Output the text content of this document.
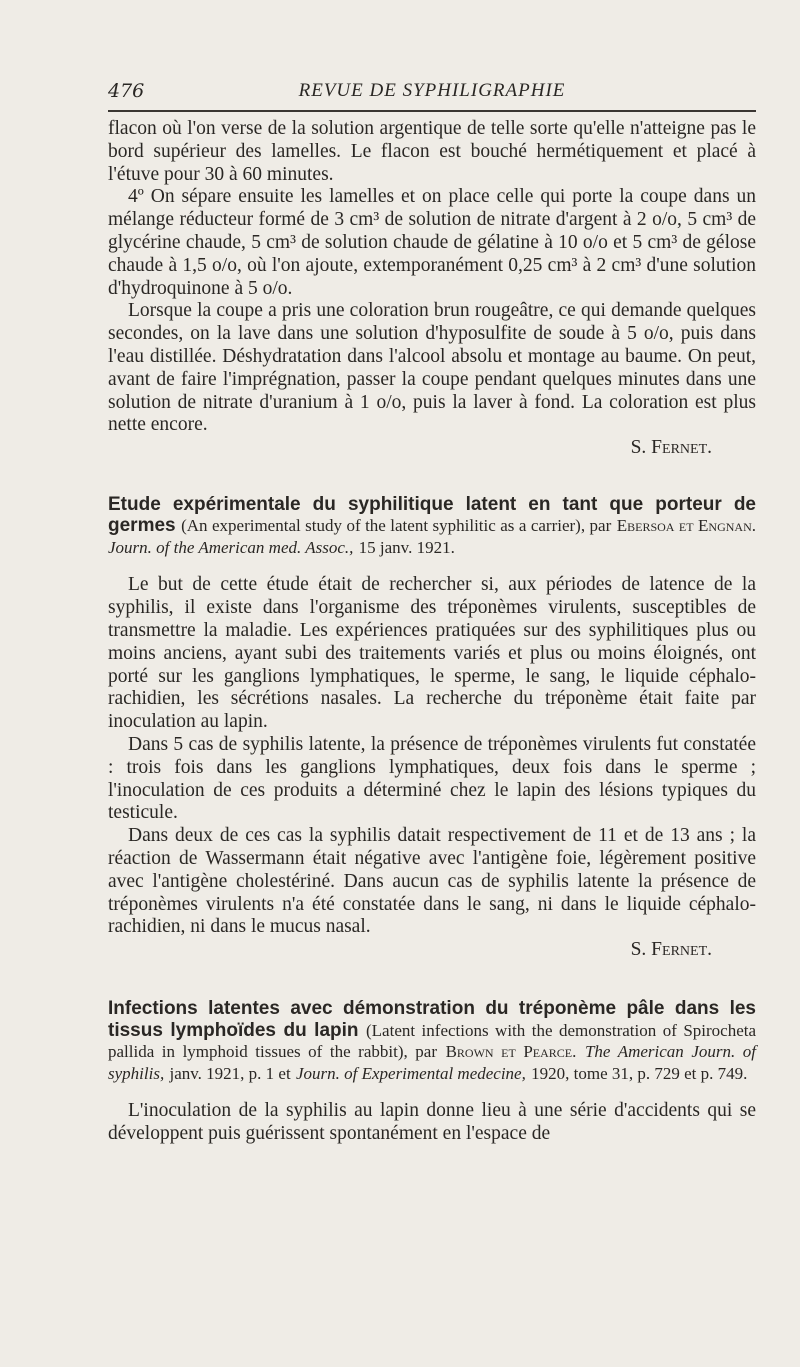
476	REVUE DE SYPHILIGRAPHIE

flacon où l'on verse de la solution argentique de telle sorte qu'elle n'atteigne pas le bord supérieur des lamelles. Le flacon est bouché hermétiquement et placé à l'étuve pour 30 à 60 minutes.

4º On sépare ensuite les lamelles et on place celle qui porte la coupe dans un mélange réducteur formé de 3 cm³ de solution de nitrate d'argent à 2 o/o, 5 cm³ de glycérine chaude, 5 cm³ de solution chaude de gélatine à 10 o/o et 5 cm³ de gélose chaude à 1,5 o/o, où l'on ajoute, extemporanément 0,25 cm³ à 2 cm³ d'une solution d'hydroquinone à 5 o/o.

Lorsque la coupe a pris une coloration brun rougeâtre, ce qui demande quelques secondes, on la lave dans une solution d'hyposulfite de soude à 5 o/o, puis dans l'eau distillée. Déshydratation dans l'alcool absolu et montage au baume. On peut, avant de faire l'imprégnation, passer la coupe pendant quelques minutes dans une solution de nitrate d'uranium à 1 o/o, puis la laver à fond. La coloration est plus nette encore.

S. Fernet.
Etude expérimentale du syphilitique latent en tant que porteur de germes (An experimental study of the latent syphilitic as a carrier), par Ebersoa et Engnan. Journ. of the American med. Assoc., 15 janv. 1921.

Le but de cette étude était de rechercher si, aux périodes de latence de la syphilis, il existe dans l'organisme des tréponèmes virulents, susceptibles de transmettre la maladie. Les expériences pratiquées sur des syphilitiques plus ou moins anciens, ayant subi des traitements variés et plus ou moins éloignés, ont porté sur les ganglions lymphatiques, le sperme, le sang, le liquide céphalo-rachidien, les sécrétions nasales. La recherche du tréponème était faite par inoculation au lapin.

Dans 5 cas de syphilis latente, la présence de tréponèmes virulents fut constatée : trois fois dans les ganglions lymphatiques, deux fois dans le sperme ; l'inoculation de ces produits a déterminé chez le lapin des lésions typiques du testicule.

Dans deux de ces cas la syphilis datait respectivement de 11 et de 13 ans ; la réaction de Wassermann était négative avec l'antigène foie, légèrement positive avec l'antigène cholestériné. Dans aucun cas de syphilis latente la présence de tréponèmes virulents n'a été constatée dans le sang, ni dans le liquide céphalo-rachidien, ni dans le mucus nasal.

S. Fernet.
Infections latentes avec démonstration du tréponème pâle dans les tissus lymphoïdes du lapin (Latent infections with the demonstration of Spirocheta pallida in lymphoid tissues of the rabbit), par Brown et Pearce. The American Journ. of syphilis, janv. 1921, p. 1 et Journ. of Experimental medecine, 1920, tome 31, p. 729 et p. 749.

L'inoculation de la syphilis au lapin donne lieu à une série d'accidents qui se développent puis guérissent spontanément en l'espace de
